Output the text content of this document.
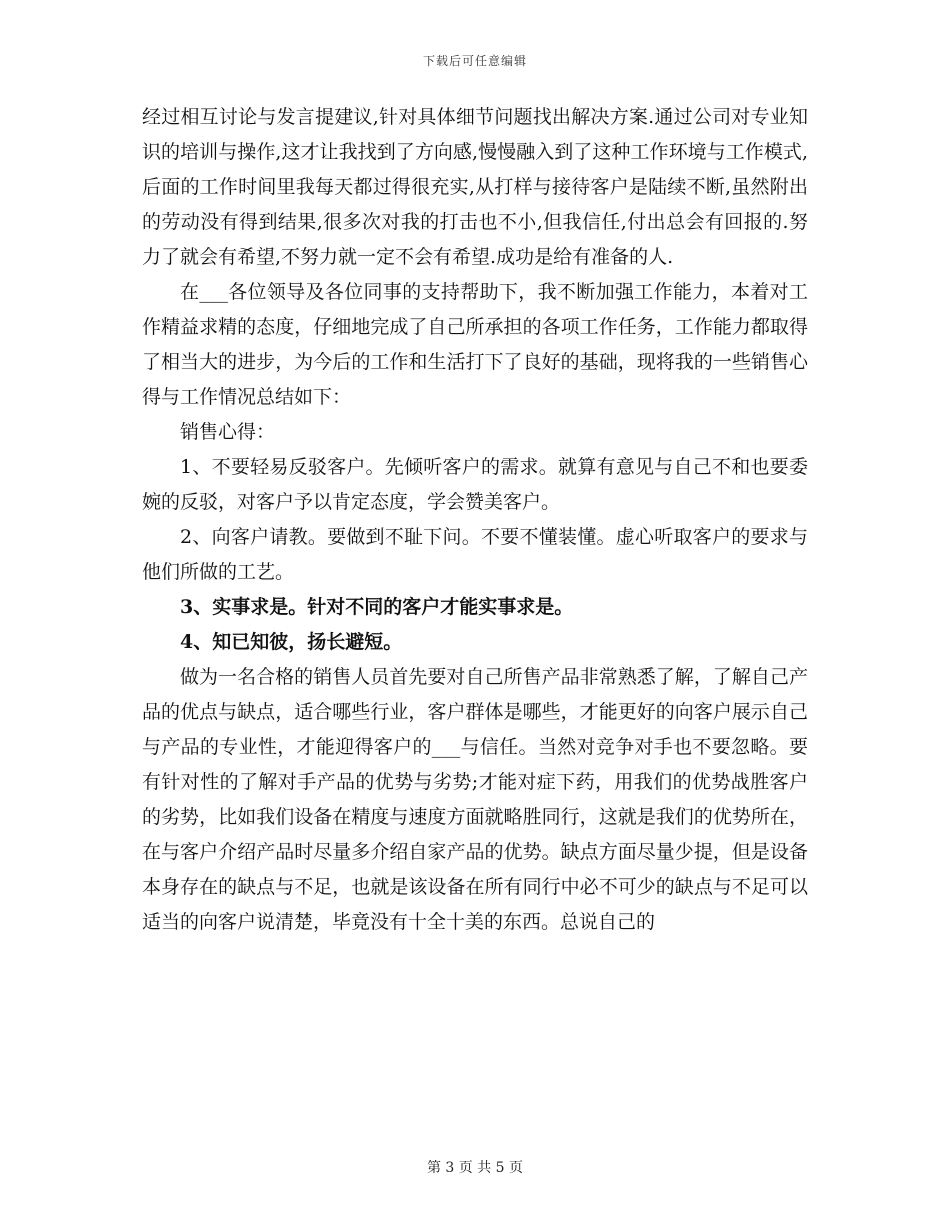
下载后可任意编辑

经过相互讨论与发言提建议,针对具体细节问题找出解决方案.通过公司对专业知识的培训与操作,这才让我找到了方向感,慢慢融入到了这种工作环境与工作模式,后面的工作时间里我每天都过得很充实,从打样与接待客户是陆续不断,虽然附出的劳动没有得到结果,很多次对我的打击也不小,但我信任,付出总会有回报的.努力了就会有希望,不努力就一定不会有希望.成功是给有准备的人.

在___各位领导及各位同事的支持帮助下，我不断加强工作能力，本着对工作精益求精的态度，仔细地完成了自己所承担的各项工作任务，工作能力都取得了相当大的进步，为今后的工作和生活打下了良好的基础，现将我的一些销售心得与工作情况总结如下：

销售心得：

1、不要轻易反驳客户。先倾听客户的需求。就算有意见与自己不和也要委婉的反驳，对客户予以肯定态度，学会赞美客户。

2、向客户请教。要做到不耻下问。不要不懂装懂。虚心听取客户的要求与他们所做的工艺。

3、实事求是。针对不同的客户才能实事求是。

4、知已知彼，扬长避短。

做为一名合格的销售人员首先要对自己所售产品非常熟悉了解，了解自己产品的优点与缺点，适合哪些行业，客户群体是哪些，才能更好的向客户展示自己与产品的专业性，才能迎得客户的___与信任。当然对竞争对手也不要忽略。要有针对性的了解对手产品的优势与劣势;才能对症下药，用我们的优势战胜客户的劣势，比如我们设备在精度与速度方面就略胜同行，这就是我们的优势所在，在与客户介绍产品时尽量多介绍自家产品的优势。缺点方面尽量少提，但是设备本身存在的缺点与不足，也就是该设备在所有同行中必不可少的缺点与不足可以适当的向客户说清楚，毕竟没有十全十美的东西。总说自己的

第 3 页 共 5 页
